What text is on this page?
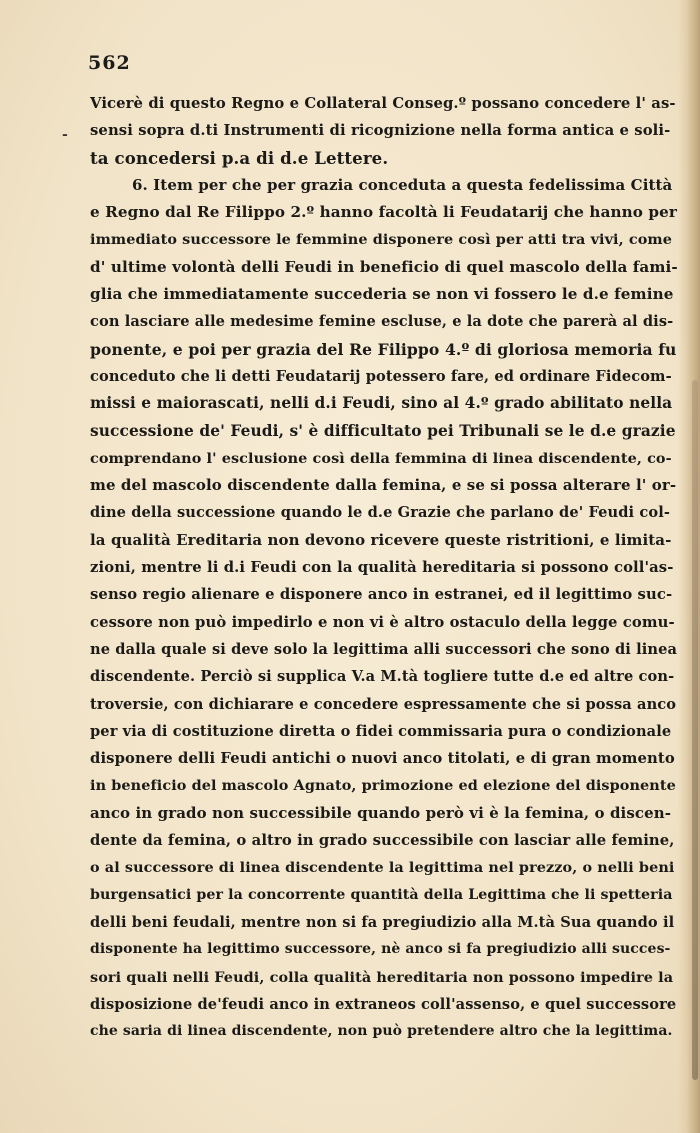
562
-
Vicerè di questo Regno e Collateral Conseg.º possano concedere l' as-
sensi sopra d.ti Instrumenti di ricognizione nella forma antica e soli-
ta concedersi p.a di d.e Lettere.
6. Item per che per grazia conceduta a questa fedelissima Città
e Regno dal Re Filippo 2.º hanno facoltà li Feudatarij che hanno per
immediato successore le femmine disponere così per atti tra vivi, come
d' ultime volontà delli Feudi in beneficio di quel mascolo della fami-
glia che immediatamente succederia se non vi fossero le d.e femine
con lasciare alle medesime femine escluse, e la dote che parerà al dis-
ponente, e poi per grazia del Re Filippo 4.º di gloriosa memoria fu
conceduto che li detti Feudatarij potessero fare, ed ordinare Fidecom-
missi e maiorascati, nelli d.i Feudi, sino al 4.º grado abilitato nella
successione de' Feudi, s' è difficultato pei Tribunali se le d.e grazie
comprendano l' esclusione così della femmina di linea discendente, co-
me del mascolo discendente dalla femina, e se si possa alterare l' or-
dine della successione quando le d.e Grazie che parlano de' Feudi col-
la qualità Ereditaria non devono ricevere queste ristritioni, e limita-
zioni, mentre li d.i Feudi con la qualità hereditaria si possono coll'as-
senso regio alienare e disponere anco in estranei, ed il legittimo suc-
cessore non può impedirlo e non vi è altro ostaculo della legge comu-
ne dalla quale si deve solo la legittima alli successori che sono di linea
discendente. Perciò si supplica V.a M.tà togliere tutte d.e ed altre con-
troversie, con dichiarare e concedere espressamente che si possa anco
per via di costituzione diretta o fidei commissaria pura o condizionale
disponere delli Feudi antichi o nuovi anco titolati, e di gran momento
in beneficio del mascolo Agnato, primozione ed elezione del disponente
anco in grado non successibile quando però vi è la femina, o discen-
dente da femina, o altro in grado successibile con lasciar alle femine,
o al successore di linea discendente la legittima nel prezzo, o nelli beni
burgensatici per la concorrente quantità della Legittima che li spetteria
delli beni feudali, mentre non si fa pregiudizio alla M.tà Sua quando il
disponente ha legittimo successore, nè anco si fa pregiudizio alli succes-
sori quali nelli Feudi, colla qualità hereditaria non possono impedire la
disposizione de'feudi anco in extraneos coll'assenso, e quel successore
che saria di linea discendente, non può pretendere altro che la legittima.
